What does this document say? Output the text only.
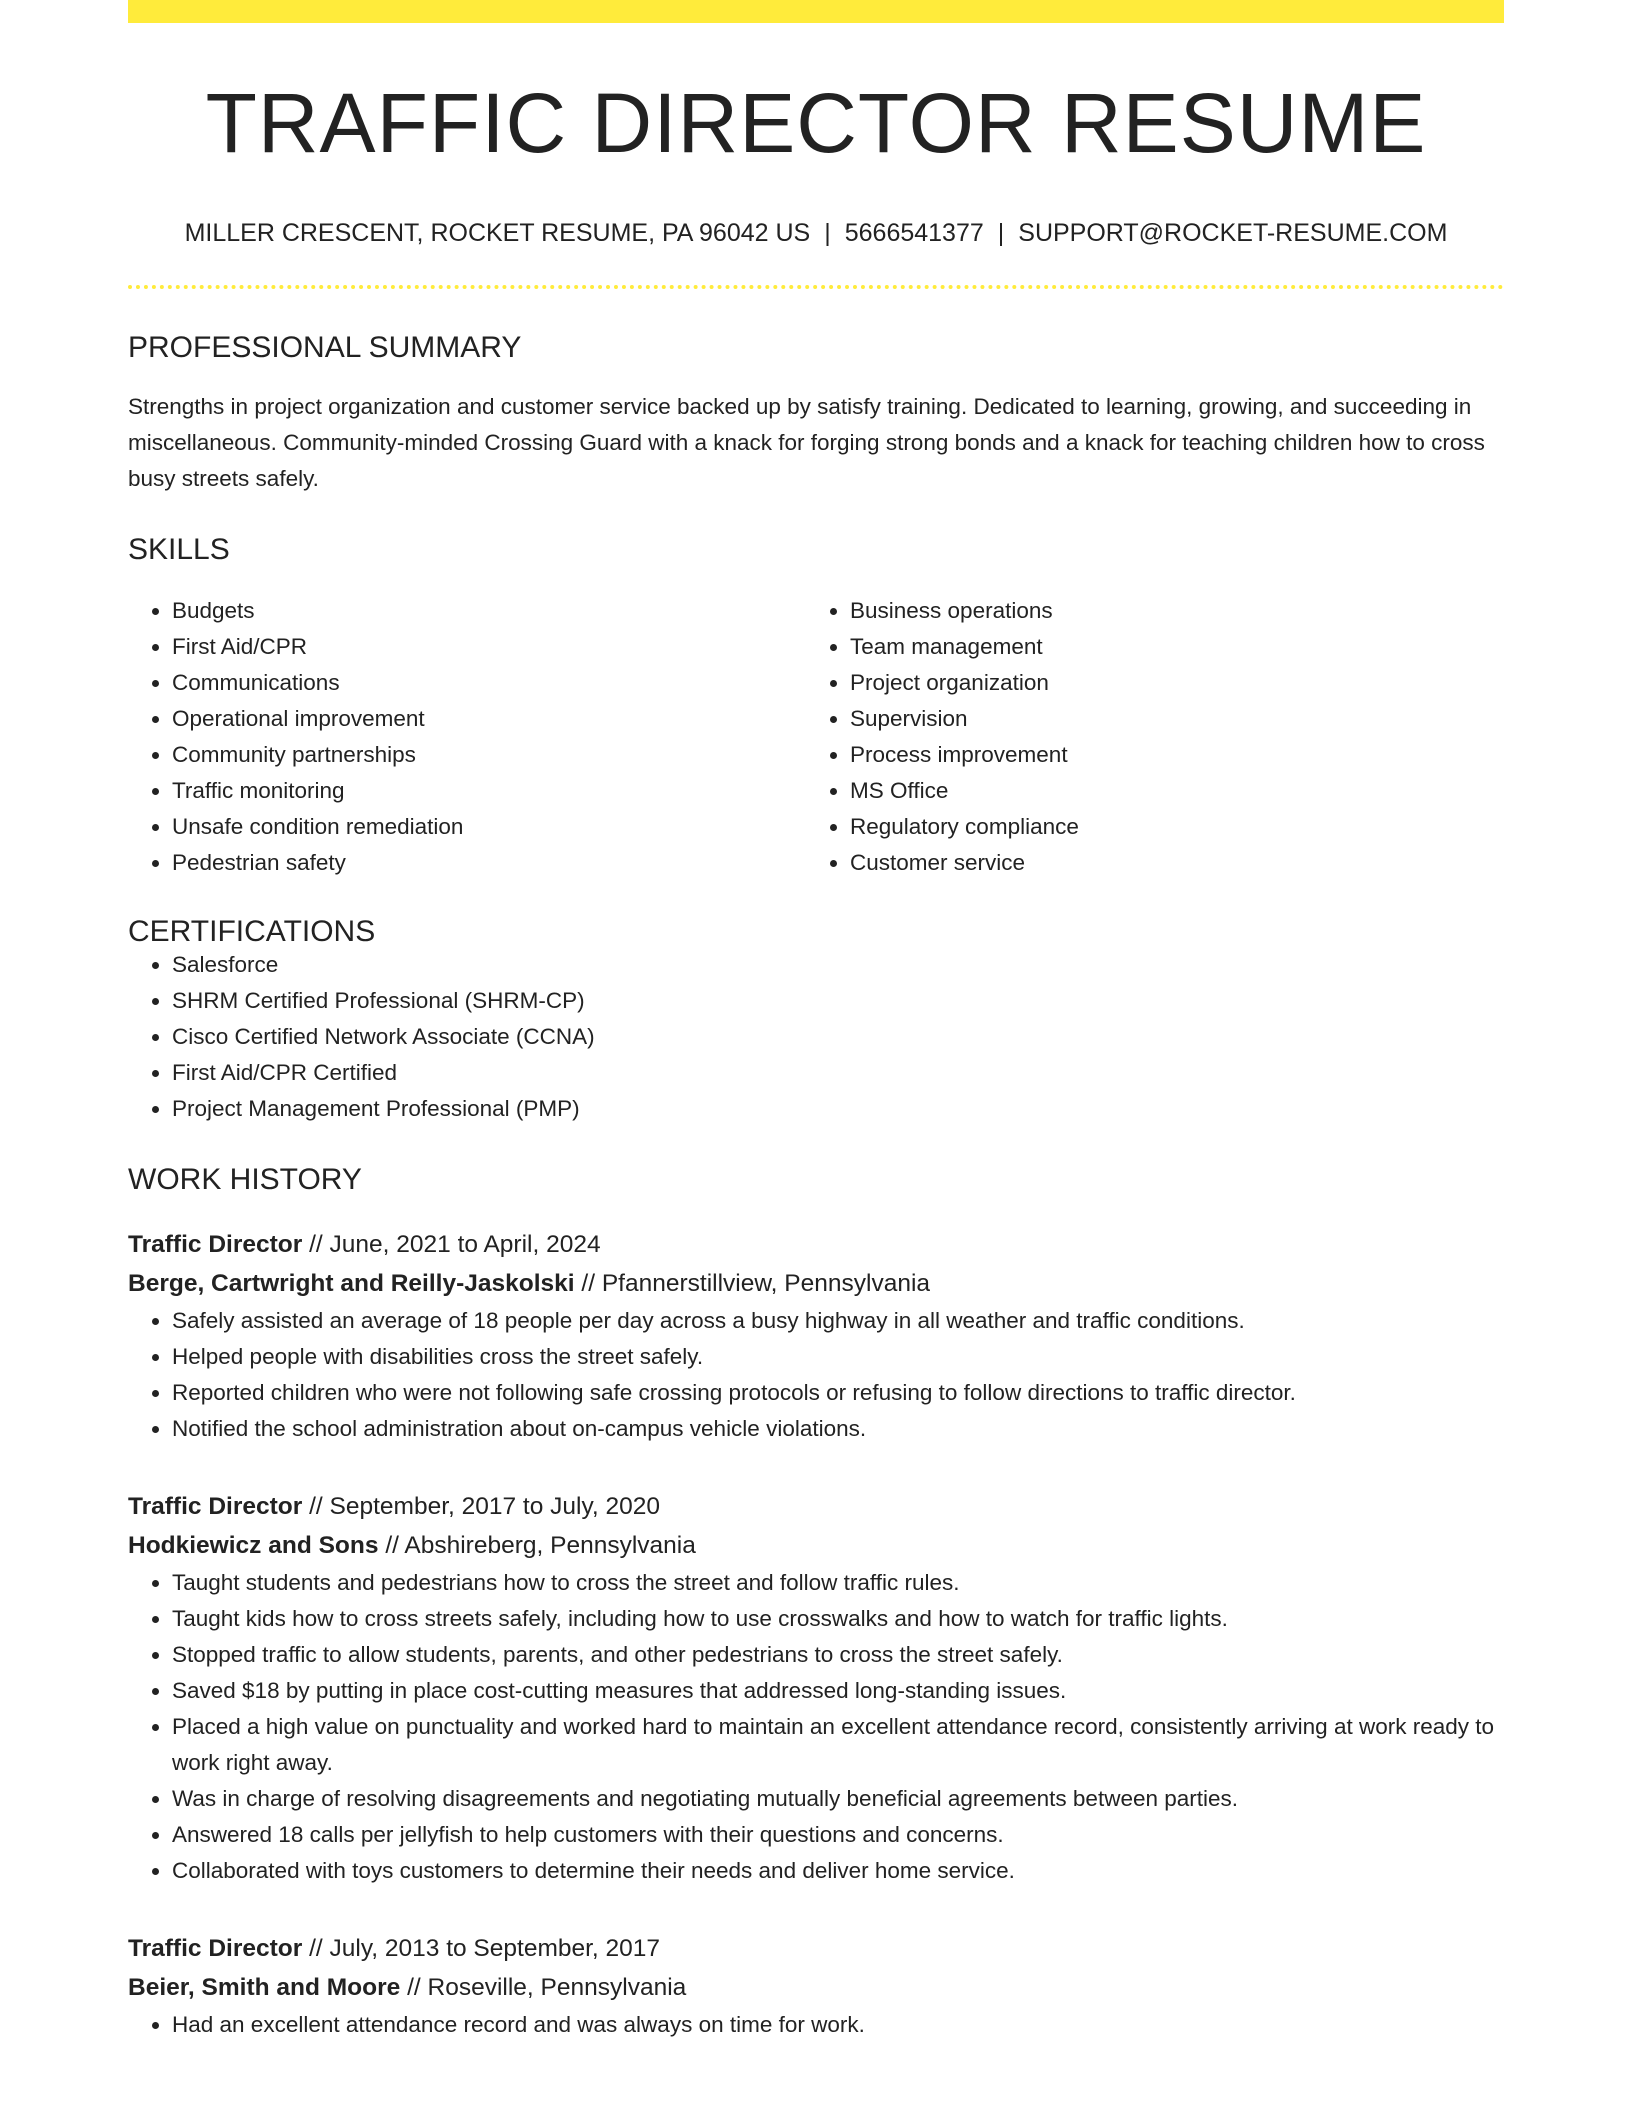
TRAFFIC DIRECTOR RESUME
MILLER CRESCENT, ROCKET RESUME, PA 96042 US | 5666541377 | SUPPORT@ROCKET-RESUME.COM
PROFESSIONAL SUMMARY
Strengths in project organization and customer service backed up by satisfy training. Dedicated to learning, growing, and succeeding in miscellaneous. Community-minded Crossing Guard with a knack for forging strong bonds and a knack for teaching children how to cross busy streets safely.
SKILLS
• Budgets
• First Aid/CPR
• Communications
• Operational improvement
• Community partnerships
• Traffic monitoring
• Unsafe condition remediation
• Pedestrian safety
• Business operations
• Team management
• Project organization
• Supervision
• Process improvement
• MS Office
• Regulatory compliance
• Customer service
CERTIFICATIONS
• Salesforce
• SHRM Certified Professional (SHRM-CP)
• Cisco Certified Network Associate (CCNA)
• First Aid/CPR Certified
• Project Management Professional (PMP)
WORK HISTORY
Traffic Director // June, 2021 to April, 2024
Berge, Cartwright and Reilly-Jaskolski // Pfannerstillview, Pennsylvania
• Safely assisted an average of 18 people per day across a busy highway in all weather and traffic conditions.
• Helped people with disabilities cross the street safely.
• Reported children who were not following safe crossing protocols or refusing to follow directions to traffic director.
• Notified the school administration about on-campus vehicle violations.
Traffic Director // September, 2017 to July, 2020
Hodkiewicz and Sons // Abshireberg, Pennsylvania
• Taught students and pedestrians how to cross the street and follow traffic rules.
• Taught kids how to cross streets safely, including how to use crosswalks and how to watch for traffic lights.
• Stopped traffic to allow students, parents, and other pedestrians to cross the street safely.
• Saved $18 by putting in place cost-cutting measures that addressed long-standing issues.
• Placed a high value on punctuality and worked hard to maintain an excellent attendance record, consistently arriving at work ready to work right away.
• Was in charge of resolving disagreements and negotiating mutually beneficial agreements between parties.
• Answered 18 calls per jellyfish to help customers with their questions and concerns.
• Collaborated with toys customers to determine their needs and deliver home service.
Traffic Director // July, 2013 to September, 2017
Beier, Smith and Moore // Roseville, Pennsylvania
• Had an excellent attendance record and was always on time for work.
